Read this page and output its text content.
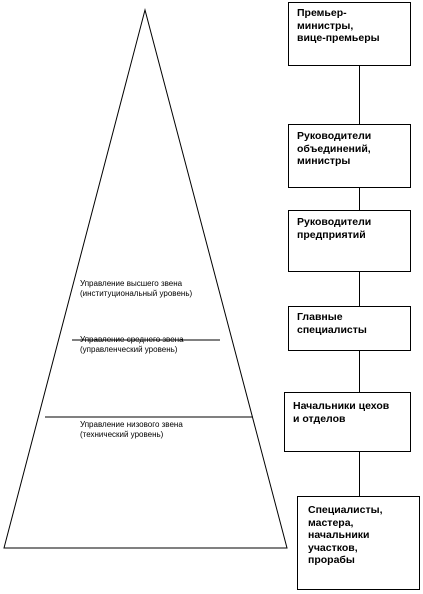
Управление высшего звена
(институциональный уровень)
Управление среднего звена
(управленческий уровень)
Управление низового звена
(технический уровень)
Премьер-
министры,
вице-премьеры
Руководители
объединений,
министры
Руководители
предприятий
Главные
специалисты
Начальники цехов
и отделов
Специалисты,
мастера,
начальники
участков,
прорабы
